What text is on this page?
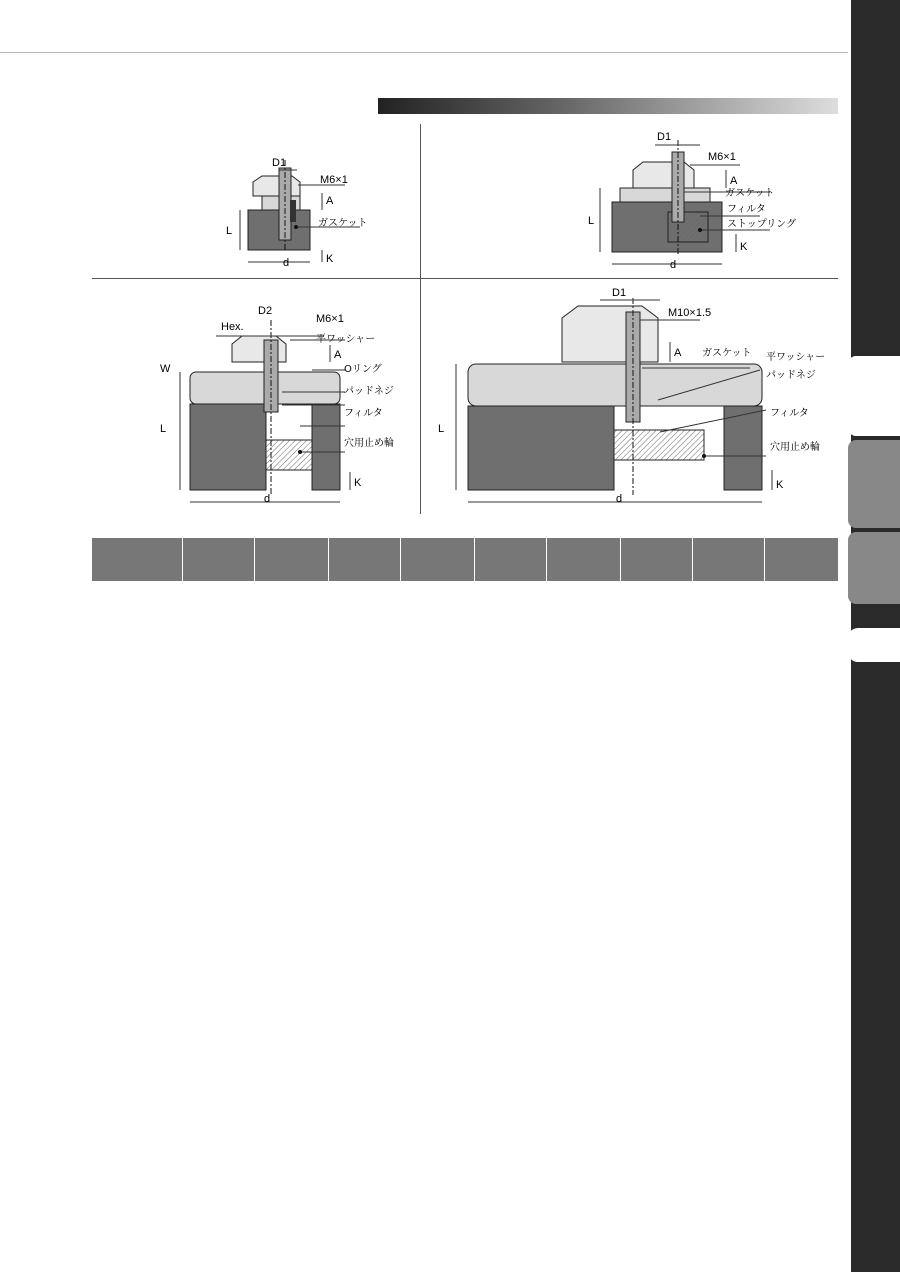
D1
M6×1
A
ガスケット
L
K
d
D1
M6×1
A
ガスケット
フィルタ
ストップリング
L
K
d
D2
Hex.
M6×1
平ワッシャー
A
W	Oリング
パッドネジ
フィルタ
穴用止め輪
L
K
d
D1
M10×1.5
A ガスケット 平ワッシャー
パッドネジ
フィルタ
穴用止め輪
L
K
d
